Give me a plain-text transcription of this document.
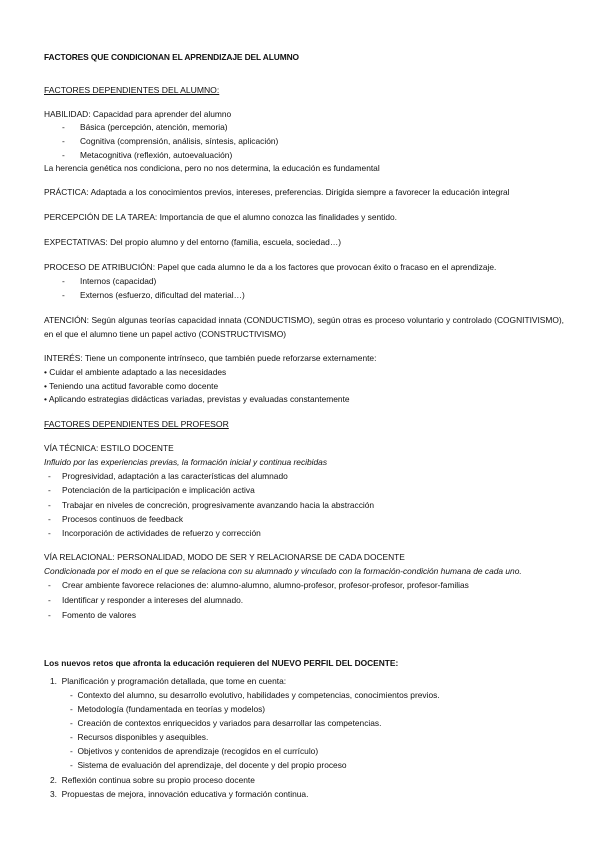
FACTORES QUE CONDICIONAN EL APRENDIZAJE DEL ALUMNO
FACTORES DEPENDIENTES DEL ALUMNO:
HABILIDAD: Capacidad para aprender del alumno
- Básica (percepción, atención, memoria)
- Cognitiva (comprensión, análisis, síntesis, aplicación)
- Metacognitiva (reflexión, autoevaluación)
La herencia genética nos condiciona, pero no nos determina, la educación es fundamental
PRÁCTICA: Adaptada a los conocimientos previos, intereses, preferencias. Dirigida siempre a favorecer la educación integral
PERCEPCIÓN DE LA TAREA: Importancia de que el alumno conozca las finalidades y sentido.
EXPECTATIVAS: Del propio alumno y del entorno (familia, escuela, sociedad…)
PROCESO DE ATRIBUCIÓN: Papel que cada alumno le da a los factores que provocan éxito o fracaso en el aprendizaje.
- Internos (capacidad)
- Externos (esfuerzo, dificultad del material…)
ATENCIÓN: Según algunas teorías capacidad innata (CONDUCTISMO), según otras es proceso voluntario y controlado (COGNITIVISMO), en el que el alumno tiene un papel activo (CONSTRUCTIVISMO)
INTERÉS: Tiene un componente intrínseco, que también puede reforzarse externamente:
• Cuidar el ambiente adaptado a las necesidades
• Teniendo una actitud favorable como docente
• Aplicando estrategias didácticas variadas, previstas y evaluadas constantemente
FACTORES DEPENDIENTES DEL PROFESOR
VÍA TÉCNICA: ESTILO DOCENTE
Influido por las experiencias previas, la formación inicial y continua recibidas
- Progresividad, adaptación a las características del alumnado
- Potenciación de la participación e implicación activa
- Trabajar en niveles de concreción, progresivamente avanzando hacia la abstracción
- Procesos continuos de feedback
- Incorporación de actividades de refuerzo y corrección
VÍA RELACIONAL: PERSONALIDAD, MODO DE SER Y RELACIONARSE DE CADA DOCENTE
Condicionada por el modo en el que se relaciona con su alumnado y vinculado con la formación-condición humana de cada uno.
- Crear ambiente favorece relaciones de: alumno-alumno, alumno-profesor, profesor-profesor, profesor-familias
- Identificar y responder a intereses del alumnado.
- Fomento de valores
Los nuevos retos que afronta la educación requieren del NUEVO PERFIL DEL DOCENTE:
1. Planificación y programación detallada, que tome en cuenta:
- Contexto del alumno, su desarrollo evolutivo, habilidades y competencias, conocimientos previos.
- Metodología (fundamentada en teorías y modelos)
- Creación de contextos enriquecidos y variados para desarrollar las competencias.
- Recursos disponibles y asequibles.
- Objetivos y contenidos de aprendizaje (recogidos en el currículo)
- Sistema de evaluación del aprendizaje, del docente y del propio proceso
2. Reflexión continua sobre su propio proceso docente
3. Propuestas de mejora, innovación educativa y formación continua.
